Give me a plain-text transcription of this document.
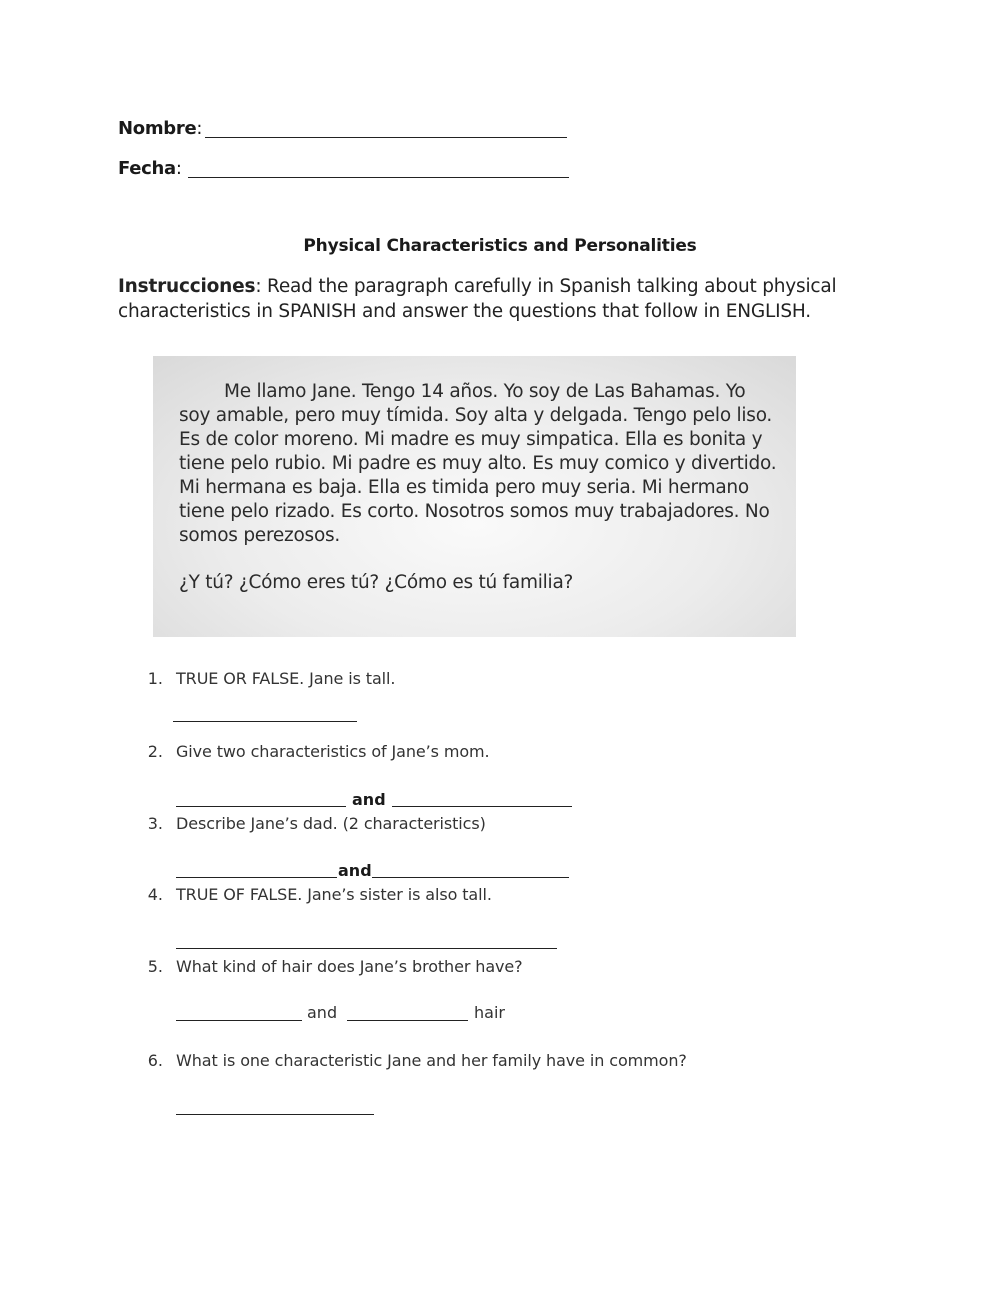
Nombre:
Fecha:
Physical Characteristics and Personalities
Instrucciones: Read the paragraph carefully in Spanish talking about physical characteristics in SPANISH and answer the questions that follow in ENGLISH.
Me llamo Jane. Tengo 14 años. Yo soy de Las Bahamas. Yo soy amable, pero muy tímida. Soy alta y delgada. Tengo pelo liso. Es de color moreno. Mi madre es muy simpatica. Ella es bonita y tiene pelo rubio. Mi padre es muy alto. Es muy comico y divertido. Mi hermana es baja. Ella es timida pero muy seria. Mi hermano tiene pelo rizado. Es corto. Nosotros somos muy trabajadores. No somos perezosos.
¿Y tú? ¿Cómo eres tú? ¿Cómo es tú familia?
1. TRUE OR FALSE. Jane is tall.
2. Give two characteristics of Jane’s mom.
and
3. Describe Jane’s dad. (2 characteristics)
and
4. TRUE OF FALSE. Jane’s sister is also tall.
5. What kind of hair does Jane’s brother have?
and	hair
6. What is one characteristic Jane and her family have in common?
